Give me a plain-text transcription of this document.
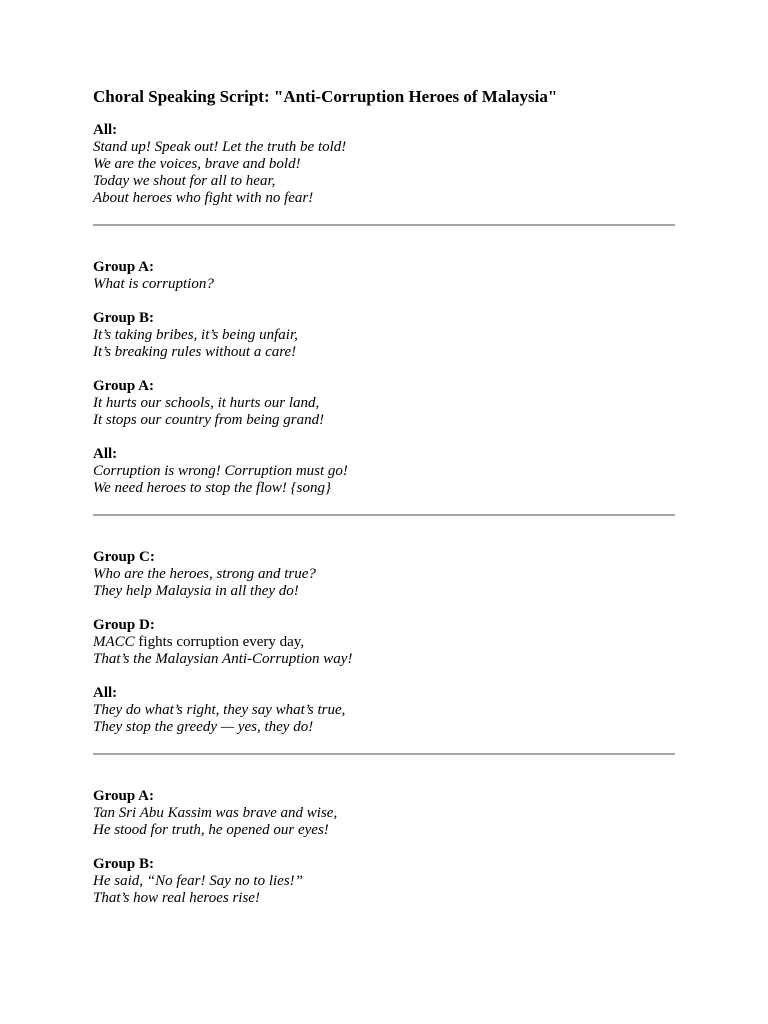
Choral Speaking Script: "Anti-Corruption Heroes of Malaysia"
All:
Stand up! Speak out! Let the truth be told!
We are the voices, brave and bold!
Today we shout for all to hear,
About heroes who fight with no fear!
Group A:
What is corruption?
Group B:
It’s taking bribes, it’s being unfair,
It’s breaking rules without a care!
Group A:
It hurts our schools, it hurts our land,
It stops our country from being grand!
All:
Corruption is wrong! Corruption must go!
We need heroes to stop the flow! {song}
Group C:
Who are the heroes, strong and true?
They help Malaysia in all they do!
Group D:
MACC fights corruption every day,
That’s the Malaysian Anti-Corruption way!
All:
They do what’s right, they say what’s true,
They stop the greedy — yes, they do!
Group A:
Tan Sri Abu Kassim was brave and wise,
He stood for truth, he opened our eyes!
Group B:
He said, “No fear! Say no to lies!”
That’s how real heroes rise!
